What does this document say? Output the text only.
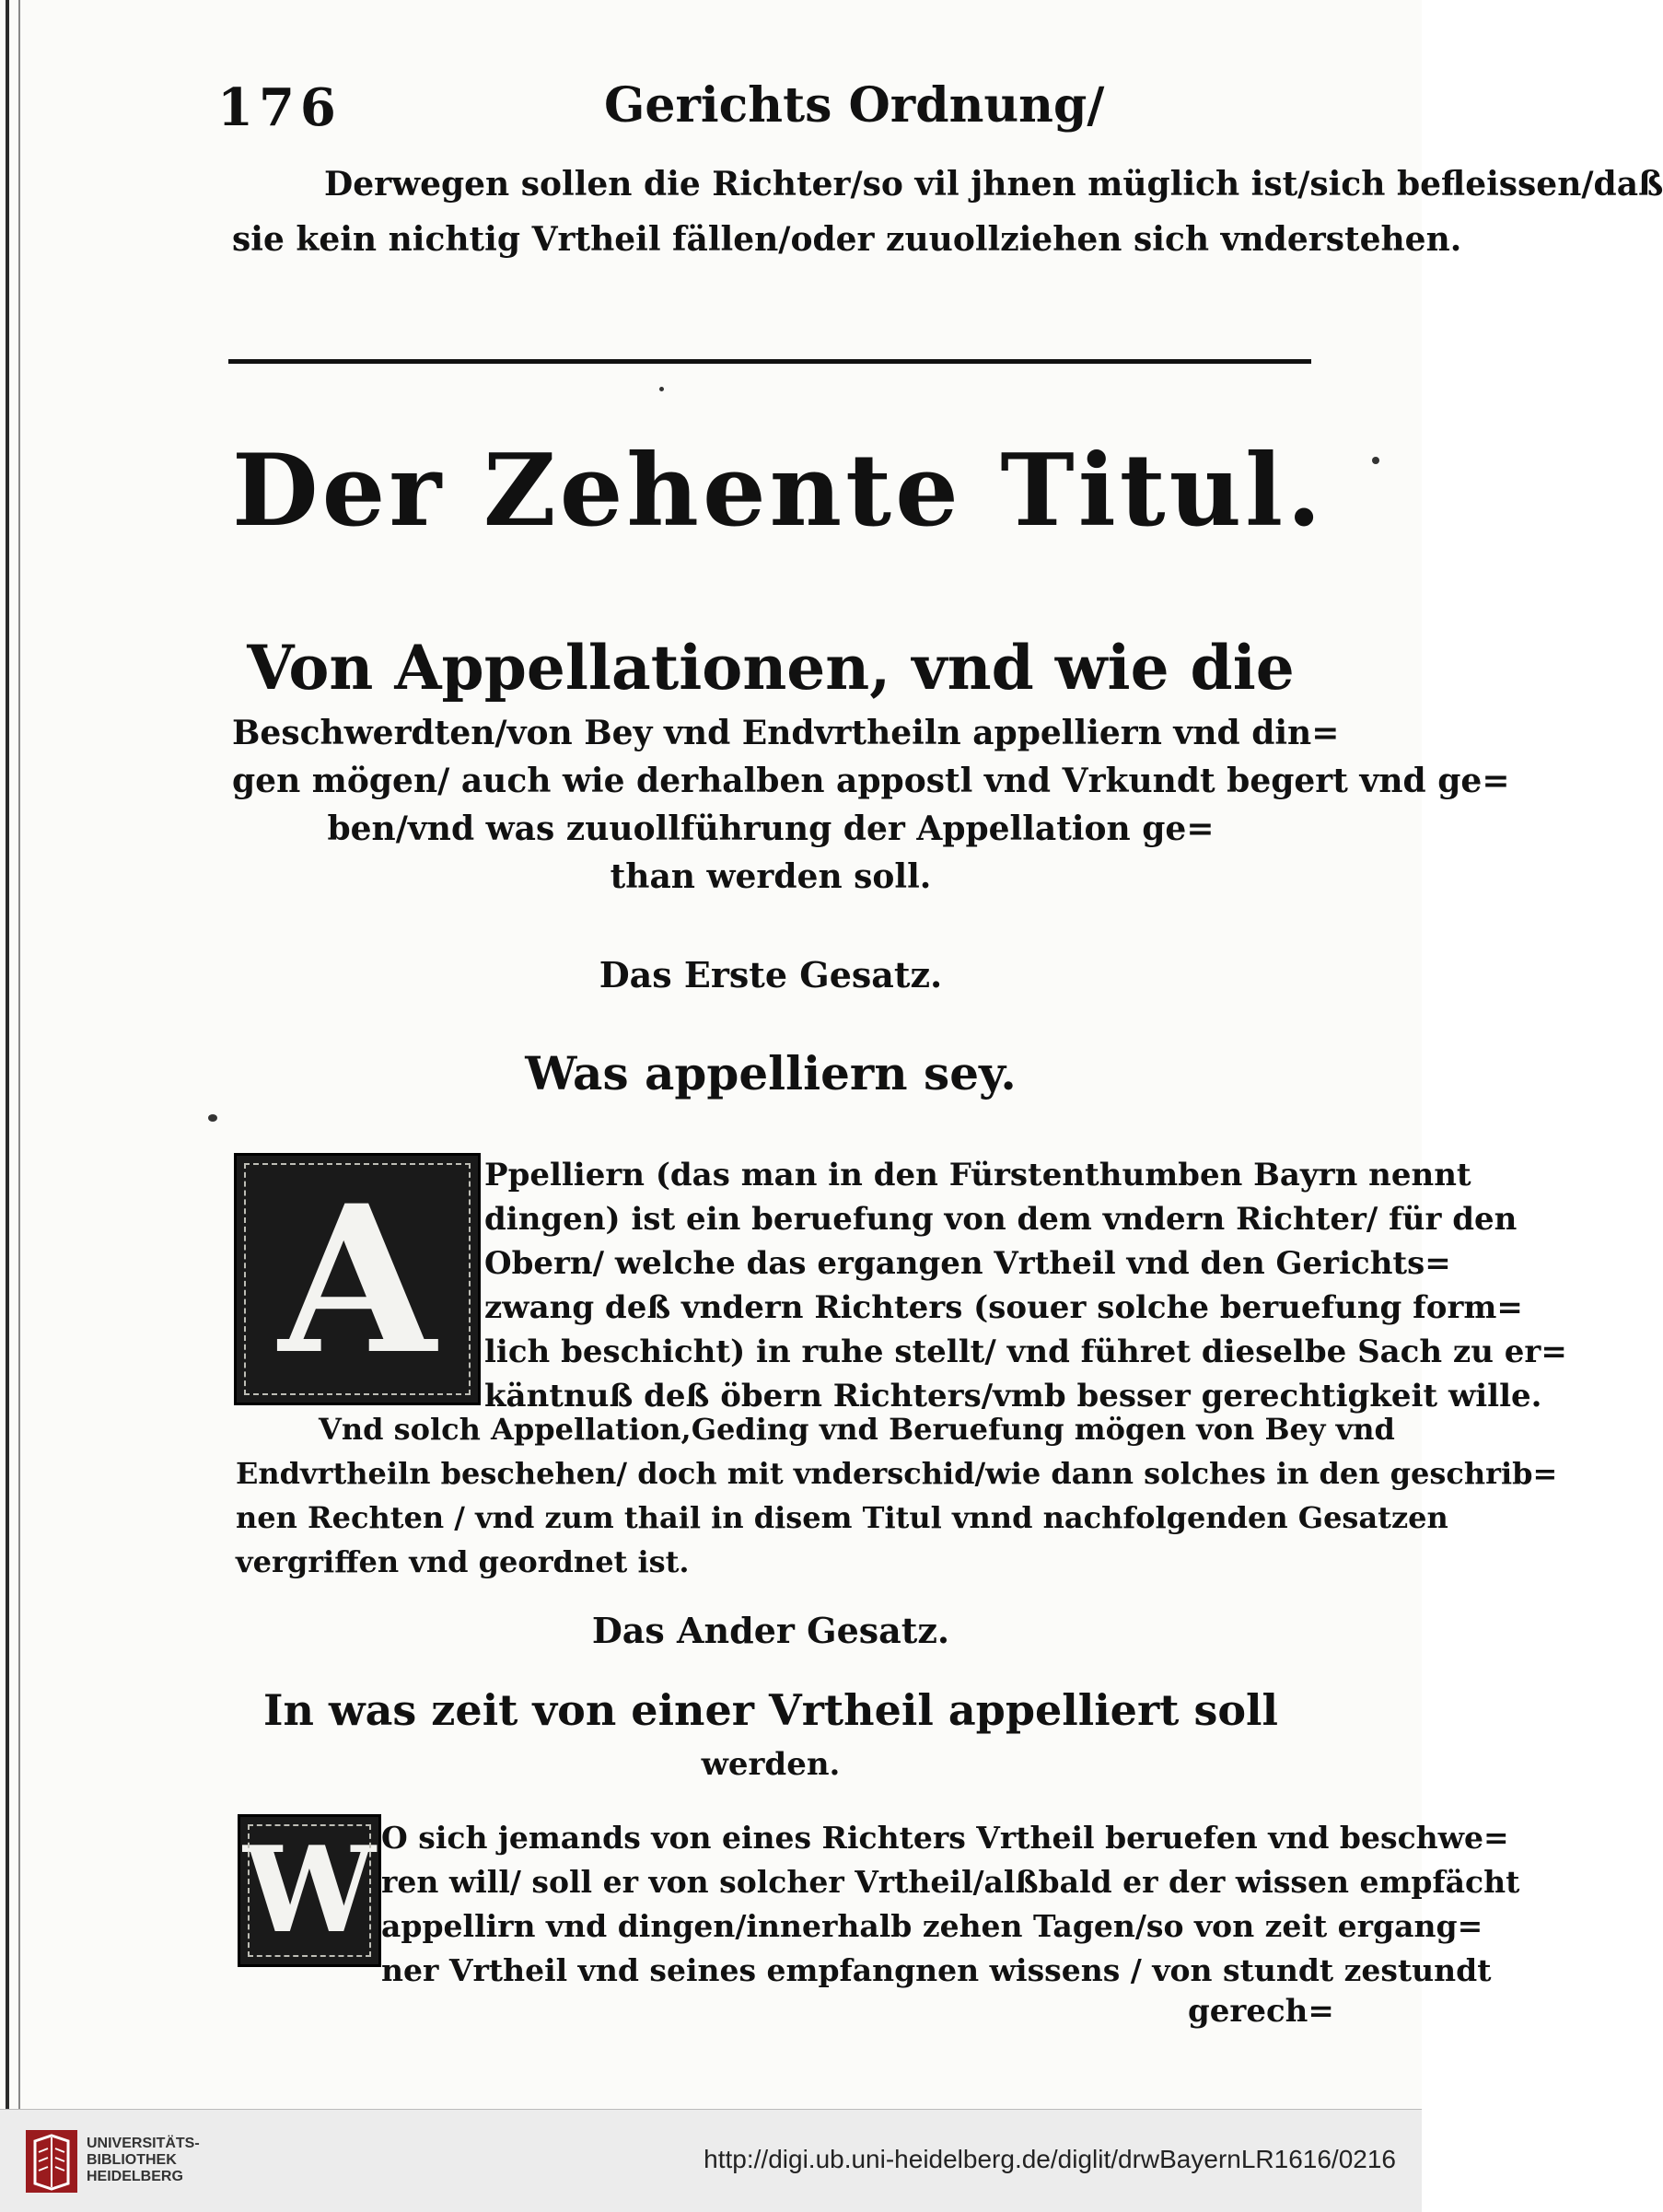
176	Gerichts Ordnung/
Derwegen sollen die Richter/so vil jhnen müglich ist/sich befleissen/daß
sie kein nichtig Vrtheil fällen/oder zuuollziehen sich vnderstehen.
Der Zehente Titul.
Von Appellationen, vnd wie die
Beschwerdten/von Bey vnd Endvrtheiln appelliern vnd din=
gen mögen/ auch wie derhalben appostl vnd Vrkundt begert vnd ge=
ben/vnd was zuuollführung der Appellation ge=
than werden soll.
Das Erste Gesatz.
Was appelliern sey.
A Ppelliern (das man in den Fürstenthumben Bayrn nennt
dingen) ist ein beruefung von dem vndern Richter/ für den
Obern/ welche das ergangen Vrtheil vnd den Gerichts=
zwang deß vndern Richters (souer solche beruefung form=
lich beschicht) in ruhe stellt/ vnd führet dieselbe Sach zu er=
käntnuß deß öbern Richters/vmb besser gerechtigkeit wille.
Vnd solch Appellation,Geding vnd Beruefung mögen von Bey vnd
Endvrtheiln beschehen/ doch mit vnderschid/wie dann solches in den geschrib=
nen Rechten / vnd zum thail in disem Titul vnnd nachfolgenden Gesatzen
vergriffen vnd geordnet ist.
Das Ander Gesatz.
In was zeit von einer Vrtheil appelliert soll
werden.
W O sich jemands von eines Richters Vrtheil beruefen vnd beschwe=
ren will/ soll er von solcher Vrtheil/alßbald er der wissen empfächt
appellirn vnd dingen/innerhalb zehen Tagen/so von zeit ergang=
ner Vrtheil vnd seines empfangnen wissens / von stundt zestundt
gerech=
UNIVERSITÄTS-
BIBLIOTHEK
HEIDELBERG
http://digi.ub.uni-heidelberg.de/diglit/drwBayernLR1616/0216
